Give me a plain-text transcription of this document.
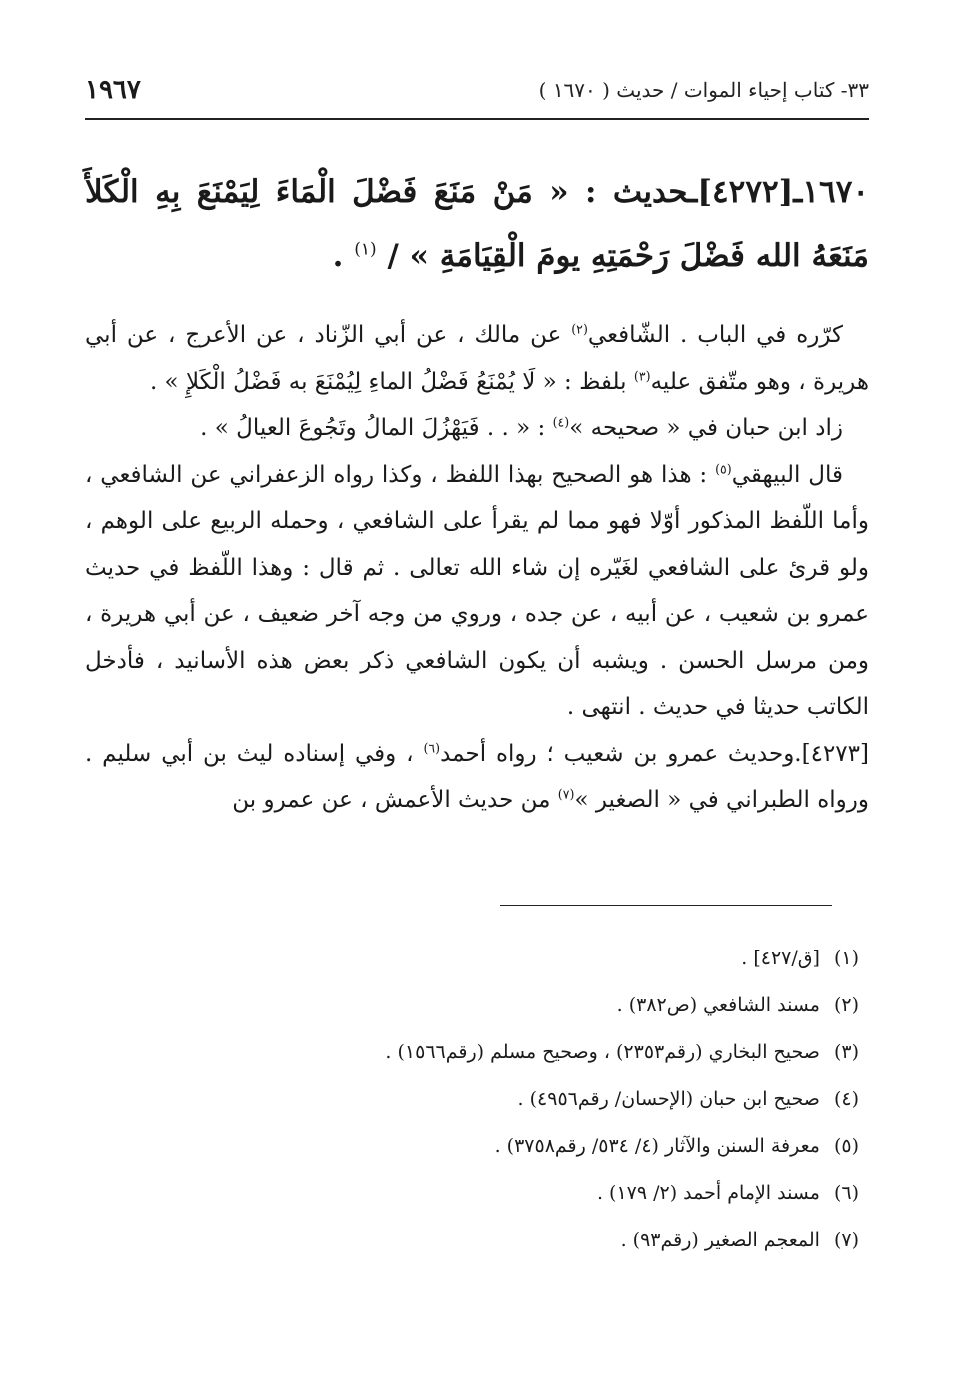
٣٣- كتاب إحياء الموات / حديث ( ١٦٧٠ )
١٩٦٧
١٦٧٠ـ[٤٢٧٢]ـحديث : « مَنْ مَنَعَ فَضْلَ الْمَاءَ لِيَمْنَعَ بِهِ الْكَلأَ مَنَعَهُ الله فَضْلَ رَحْمَتِهِ يومَ الْقِيَامَةِ » / $^{(١)}$ .

كرّره في الباب . الشّافعي$^{(٢)}$ عن مالك ، عن أبي الزّناد ، عن الأعرج ، عن أبي هريرة ، وهو متّفق عليه$^{(٣)}$ بلفظ : « لَا يُمْنَعُ فَضْلُ الماءِ لِيُمْنَعَ به فَضْلُ الْكَلإِ » .

زاد ابن حبان في « صحيحه »$^{(٤)}$ : « . . فَيَهْزُلَ المالُ وتَجُوعَ العيالُ » .

قال البيهقي$^{(٥)}$ : هذا هو الصحيح بهذا اللفظ ، وكذا رواه الزعفراني عن الشافعي ، وأما اللّفظ المذكور أوّلا فهو مما لم يقرأ على الشافعي ، وحمله الربيع على الوهم ، ولو قرئ على الشافعي لغَيّره إن شاء الله تعالى . ثم قال : وهذا اللّفظ في حديث عمرو بن شعيب ، عن أبيه ، عن جده ، وروي من وجه آخر ضعيف ، عن أبي هريرة ، ومن مرسل الحسن . ويشبه أن يكون الشافعي ذكر بعض هذه الأسانيد ، فأدخل الكاتب حديثا في حديث . انتهى .

[٤٢٧٣].وحديث عمرو بن شعيب ؛ رواه أحمد$^{(٦)}$ ، وفي إسناده ليث بن أبي سليم . ورواه الطبراني في « الصغير »$^{(٧)}$ من حديث الأعمش ، عن عمرو بن

(١)
[ق/٤٢٧] .
(٢)
مسند الشافعي (ص٣٨٢) .
(٣)
صحيح البخاري (رقم٢٣٥٣) ، وصحيح مسلم (رقم١٥٦٦) .
(٤)
صحيح ابن حبان (الإحسان/ رقم٤٩٥٦) .
(٥)
معرفة السنن والآثار (٤/ ٥٣٤/ رقم٣٧٥٨) .
(٦)
مسند الإمام أحمد (٢/ ١٧٩) .
(٧)
المعجم الصغير (رقم٩٣) .
